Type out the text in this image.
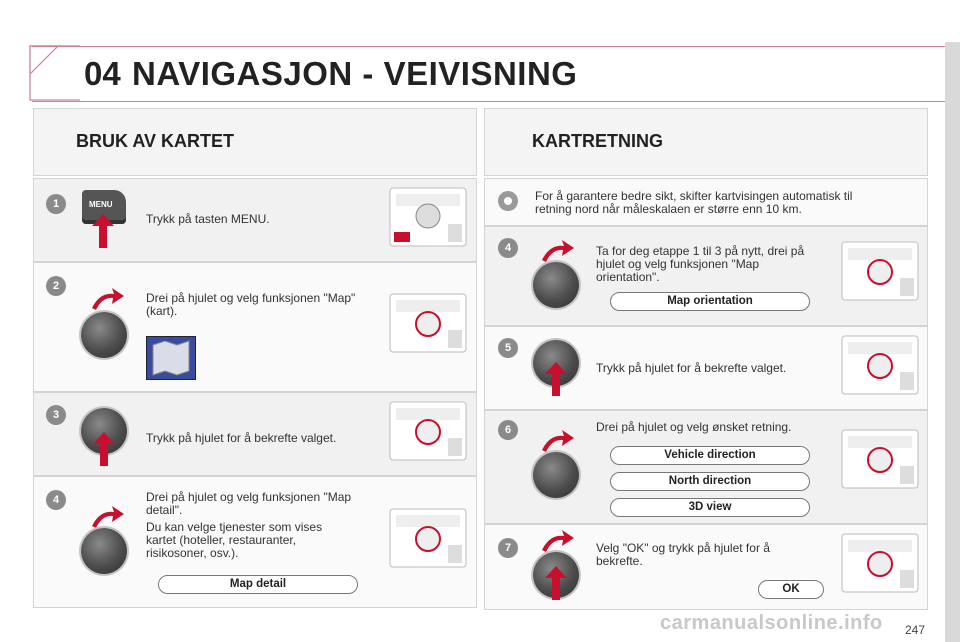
04 NAVIGASJON - VEIVISNING
BRUK AV KARTET
1	MENU
Trykk på tasten MENU.
2
Drei på hjulet og velg funksjonen "Map" (kart).
3
Trykk på hjulet for å bekrefte valget.
4	Drei på hjulet og velg funksjonen "Map detail".
Du kan velge tjenester som vises kartet (hoteller, restauranter, risikosoner, osv.).
Map detail
KARTRETNING
For å garantere bedre sikt, skifter kartvisingen automatisk til retning nord når måleskalaen er større enn 10 km.
4	Ta for deg etappe 1 til 3 på nytt, drei på hjulet og velg funksjonen "Map orientation".
Map orientation
5
Trykk på hjulet for å bekrefte valget.
6	Drei på hjulet og velg ønsket retning.
Vehicle direction
North direction
3D view
7	Velg "OK" og trykk på hjulet for å bekrefte.
OK
carmanualsonline.info 247
